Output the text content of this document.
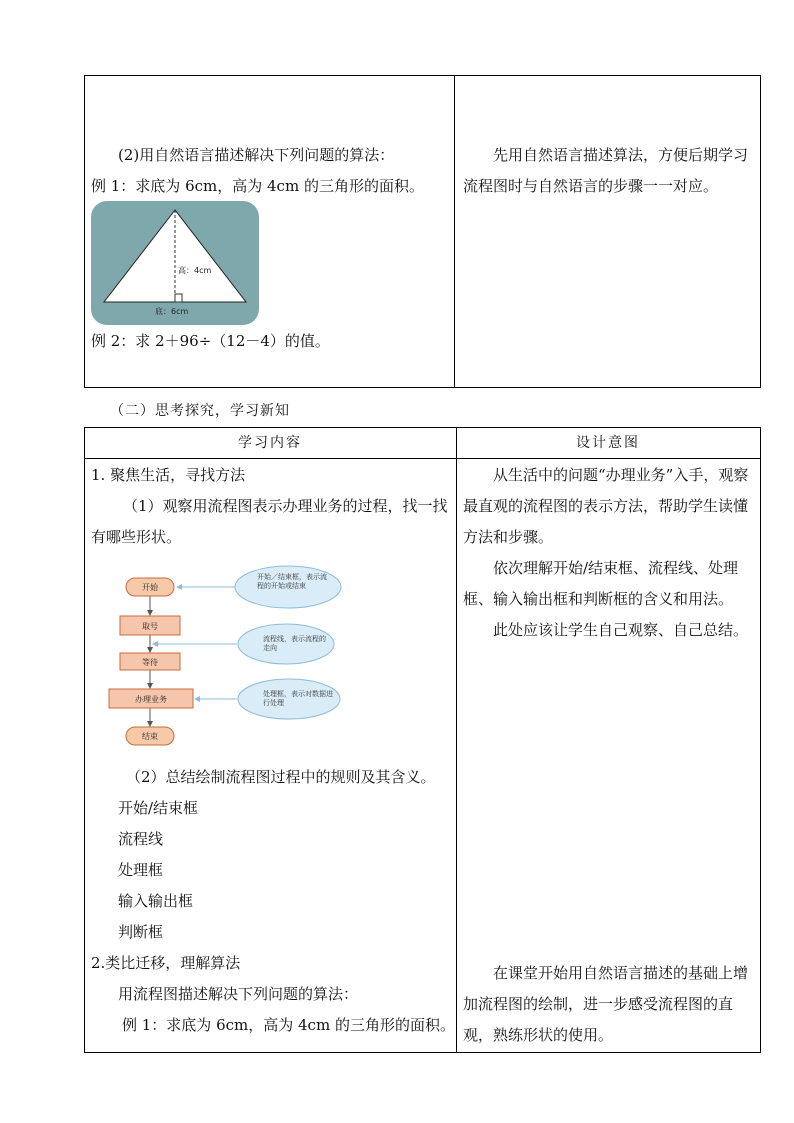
(2)用自然语言描述解决下列问题的算法：
例 1：求底为 6cm，高为 4cm 的三角形的面积。
高：4cm
底：6cm
例 2：求 2＋96÷（12－4）的值。
先用自然语言描述算法，方便后期学习流程图时与自然语言的步骤一一对应。
（二）思考探究，学习新知
学习内容	设计意图
1. 聚焦生活，寻找方法
（1）观察用流程图表示办理业务的过程，找一找有哪些形状。
开始
取号
等待
办理业务
结束
开始／结束框，表示流程的开始或结束
流程线，表示流程的走向
处理框，表示对数据进行处理
（2）总结绘制流程图过程中的规则及其含义。
开始/结束框
流程线
处理框
输入输出框
判断框
2.类比迁移，理解算法
用流程图描述解决下列问题的算法：
例 1：求底为 6cm，高为 4cm 的三角形的面积。
从生活中的问题“办理业务”入手，观察最直观的流程图的表示方法，帮助学生读懂方法和步骤。
依次理解开始/结束框、流程线、处理框、输入输出框和判断框的含义和用法。
此处应该让学生自己观察、自己总结。
在课堂开始用自然语言描述的基础上增加流程图的绘制，进一步感受流程图的直观，熟练形状的使用。
